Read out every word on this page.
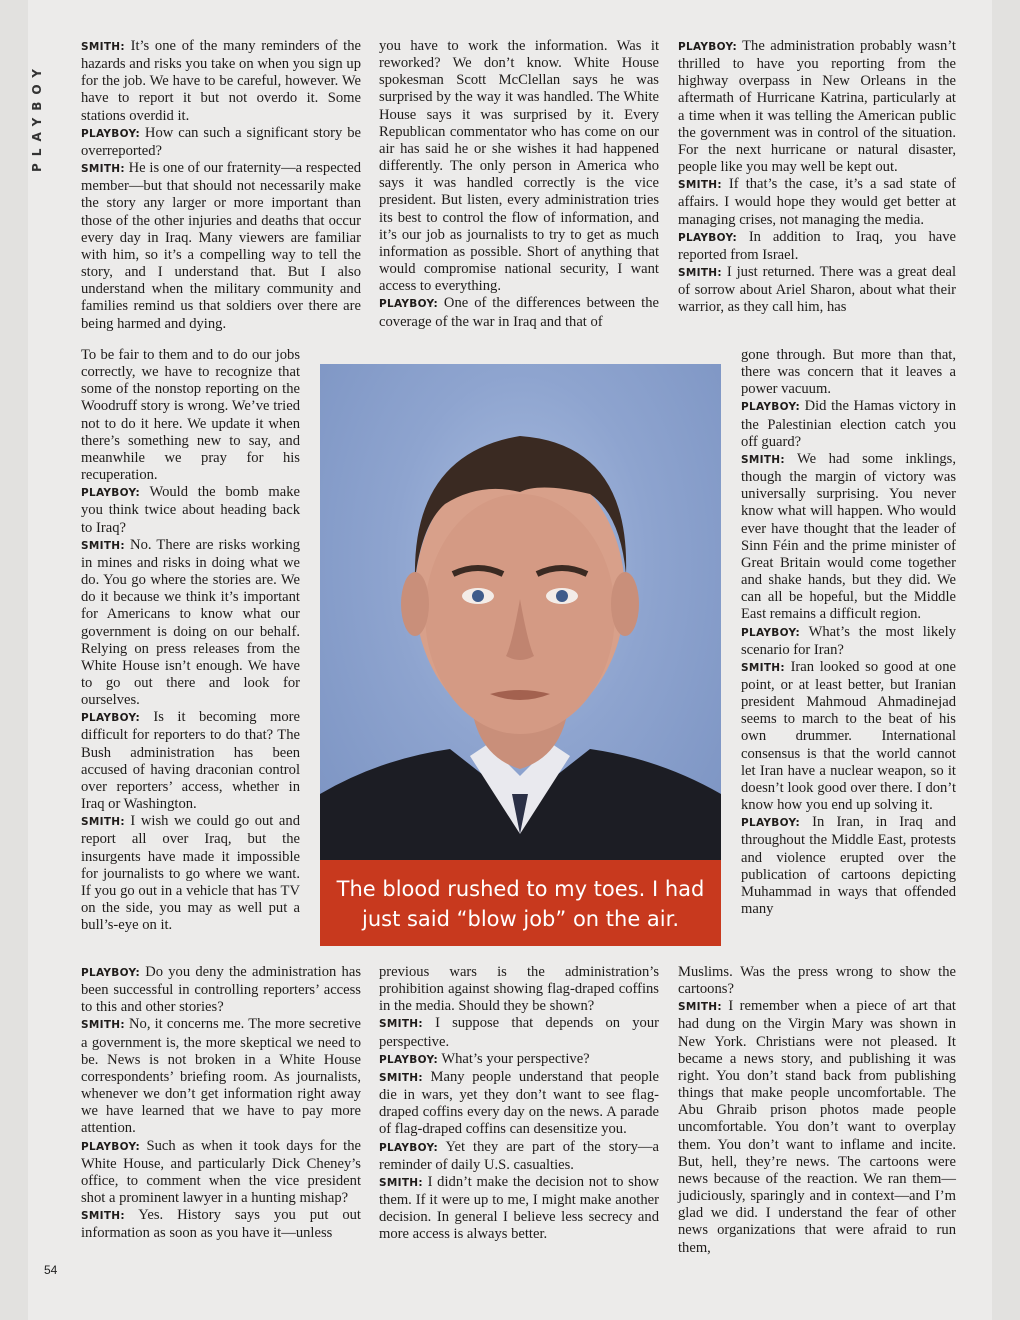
PLAYBOY

SMITH: It’s one of the many reminders of the hazards and risks you take on when you sign up for the job. We have to be careful, however. We have to report it but not overdo it. Some stations overdid it.

PLAYBOY: How can such a significant story be overreported?

SMITH: He is one of our fraternity—a respected member—but that should not necessarily make the story any larger or more important than those of the other injuries and deaths that occur every day in Iraq. Many viewers are familiar with him, so it’s a compelling way to tell the story, and I understand that. But I also understand when the military community and families remind us that soldiers over there are being harmed and dying.

To be fair to them and to do our jobs correctly, we have to recognize that some of the nonstop reporting on the Woodruff story is wrong. We’ve tried not to do it here. We update it when there’s something new to say, and meanwhile we pray for his recuperation.

PLAYBOY: Would the bomb make you think twice about heading back to Iraq?

SMITH: No. There are risks working in mines and risks in doing what we do. You go where the stories are. We do it because we think it’s important for Americans to know what our government is doing on our behalf. Relying on press releases from the White House isn’t enough. We have to go out there and look for ourselves.

PLAYBOY: Is it becoming more difficult for reporters to do that? The Bush administration has been accused of having draconian control over reporters’ access, whether in Iraq or Washington.

SMITH: I wish we could go out and report all over Iraq, but the insurgents have made it impossible for journalists to go where we want. If you go out in a vehicle that has TV on the side, you may as well put a bull’s-eye on it.

PLAYBOY: Do you deny the administration has been successful in controlling reporters’ access to this and other stories?

SMITH: No, it concerns me. The more secretive a government is, the more skeptical we need to be. News is not broken in a White House correspondents’ briefing room. As journalists, whenever we don’t get information right away we have learned that we have to pay more attention.

PLAYBOY: Such as when it took days for the White House, and particularly Dick Cheney’s office, to comment when the vice president shot a prominent lawyer in a hunting mishap?

SMITH: Yes. History says you put out information as soon as you have it—unless

you have to work the information. Was it reworked? We don’t know. White House spokesman Scott McClellan says he was surprised by the way it was handled. The White House says it was surprised by it. Every Republican commentator who has come on our air has said he or she wishes it had happened differently. The only person in America who says it was handled correctly is the vice president. But listen, every administration tries its best to control the flow of information, and it’s our job as journalists to try to get as much information as possible. Short of anything that would compromise national security, I want access to everything.

PLAYBOY: One of the differences between the coverage of the war in Iraq and that of

previous wars is the administration’s prohibition against showing flag-draped coffins in the media. Should they be shown?

SMITH: I suppose that depends on your perspective.

PLAYBOY: What’s your perspective?

SMITH: Many people understand that people die in wars, yet they don’t want to see flag-draped coffins every day on the news. A parade of flag-draped coffins can desensitize you.

PLAYBOY: Yet they are part of the story—a reminder of daily U.S. casualties.

SMITH: I didn’t make the decision not to show them. If it were up to me, I might make another decision. In general I believe less secrecy and more access is always better.

PLAYBOY: The administration probably wasn’t thrilled to have you reporting from the highway overpass in New Orleans in the aftermath of Hurricane Katrina, particularly at a time when it was telling the American public the government was in control of the situation. For the next hurricane or natural disaster, people like you may well be kept out.

SMITH: If that’s the case, it’s a sad state of affairs. I would hope they would get better at managing crises, not managing the media.

PLAYBOY: In addition to Iraq, you have reported from Israel.

SMITH: I just returned. There was a great deal of sorrow about Ariel Sharon, about what their warrior, as they call him, has

gone through. But more than that, there was concern that it leaves a power vacuum.

PLAYBOY: Did the Hamas victory in the Palestinian election catch you off guard?

SMITH: We had some inklings, though the margin of victory was universally surprising. You never know what will happen. Who would ever have thought that the leader of Sinn Féin and the prime minister of Great Britain would come together and shake hands, but they did. We can all be hopeful, but the Middle East remains a difficult region.

PLAYBOY: What’s the most likely scenario for Iran?

SMITH: Iran looked so good at one point, or at least better, but Iranian president Mahmoud Ahmadinejad seems to march to the beat of his own drummer. International consensus is that the world cannot let Iran have a nuclear weapon, so it doesn’t look good over there. I don’t know how you end up solving it.

PLAYBOY: In Iran, in Iraq and throughout the Middle East, protests and violence erupted over the publication of cartoons depicting Muhammad in ways that offended many

Muslims. Was the press wrong to show the cartoons?

SMITH: I remember when a piece of art that had dung on the Virgin Mary was shown in New York. Christians were not pleased. It became a news story, and publishing it was right. You don’t stand back from publishing things that make people uncomfortable. The Abu Ghraib prison photos made people uncomfortable. You don’t want to overplay them. You don’t want to inflame and incite. But, hell, they’re news. The cartoons were news because of the reaction. We ran them—judiciously, sparingly and in context—and I’m glad we did. I understand the fear of other news organizations that were afraid to run them,

The blood rushed to my toes. I had
just said “blow job” on the air.
54
